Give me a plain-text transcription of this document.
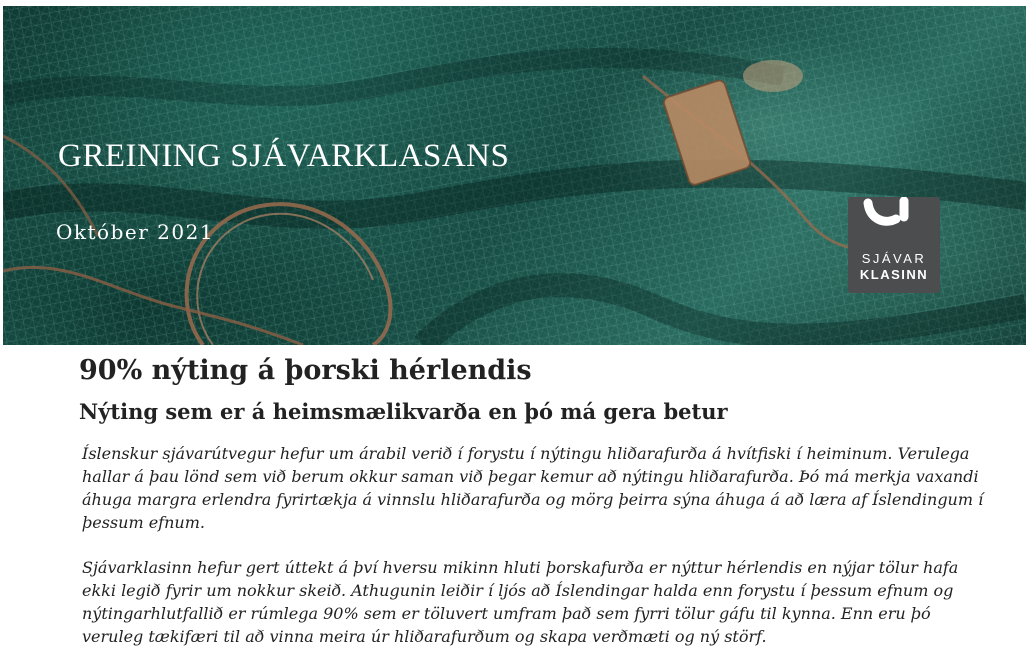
GREINING SJÁVARKLASANS
Október 2021
SJÁVAR
KLASINN
90% nýting á þorski hérlendis
Nýting sem er á heimsmælikvarða en þó má gera betur

Íslenskur sjávarútvegur hefur um árabil verið í forystu í nýtingu hliðarafurða á hvítfiski í heiminum. Verulega
hallar á þau lönd sem við berum okkur saman við þegar kemur að nýtingu hliðarafurða. Þó má merkja vaxandi
áhuga margra erlendra fyrirtækja á vinnslu hliðarafurða og mörg þeirra sýna áhuga á að læra af Íslendingum í
þessum efnum.

Sjávarklasinn hefur gert úttekt á því hversu mikinn hluti þorskafurða er nýttur hérlendis en nýjar tölur hafa
ekki legið fyrir um nokkur skeið. Athugunin leiðir í ljós að Íslendingar halda enn forystu í þessum efnum og
nýtingarhlutfallið er rúmlega 90% sem er töluvert umfram það sem fyrri tölur gáfu til kynna. Enn eru þó
veruleg tækifæri til að vinna meira úr hliðarafurðum og skapa verðmæti og ný störf.
